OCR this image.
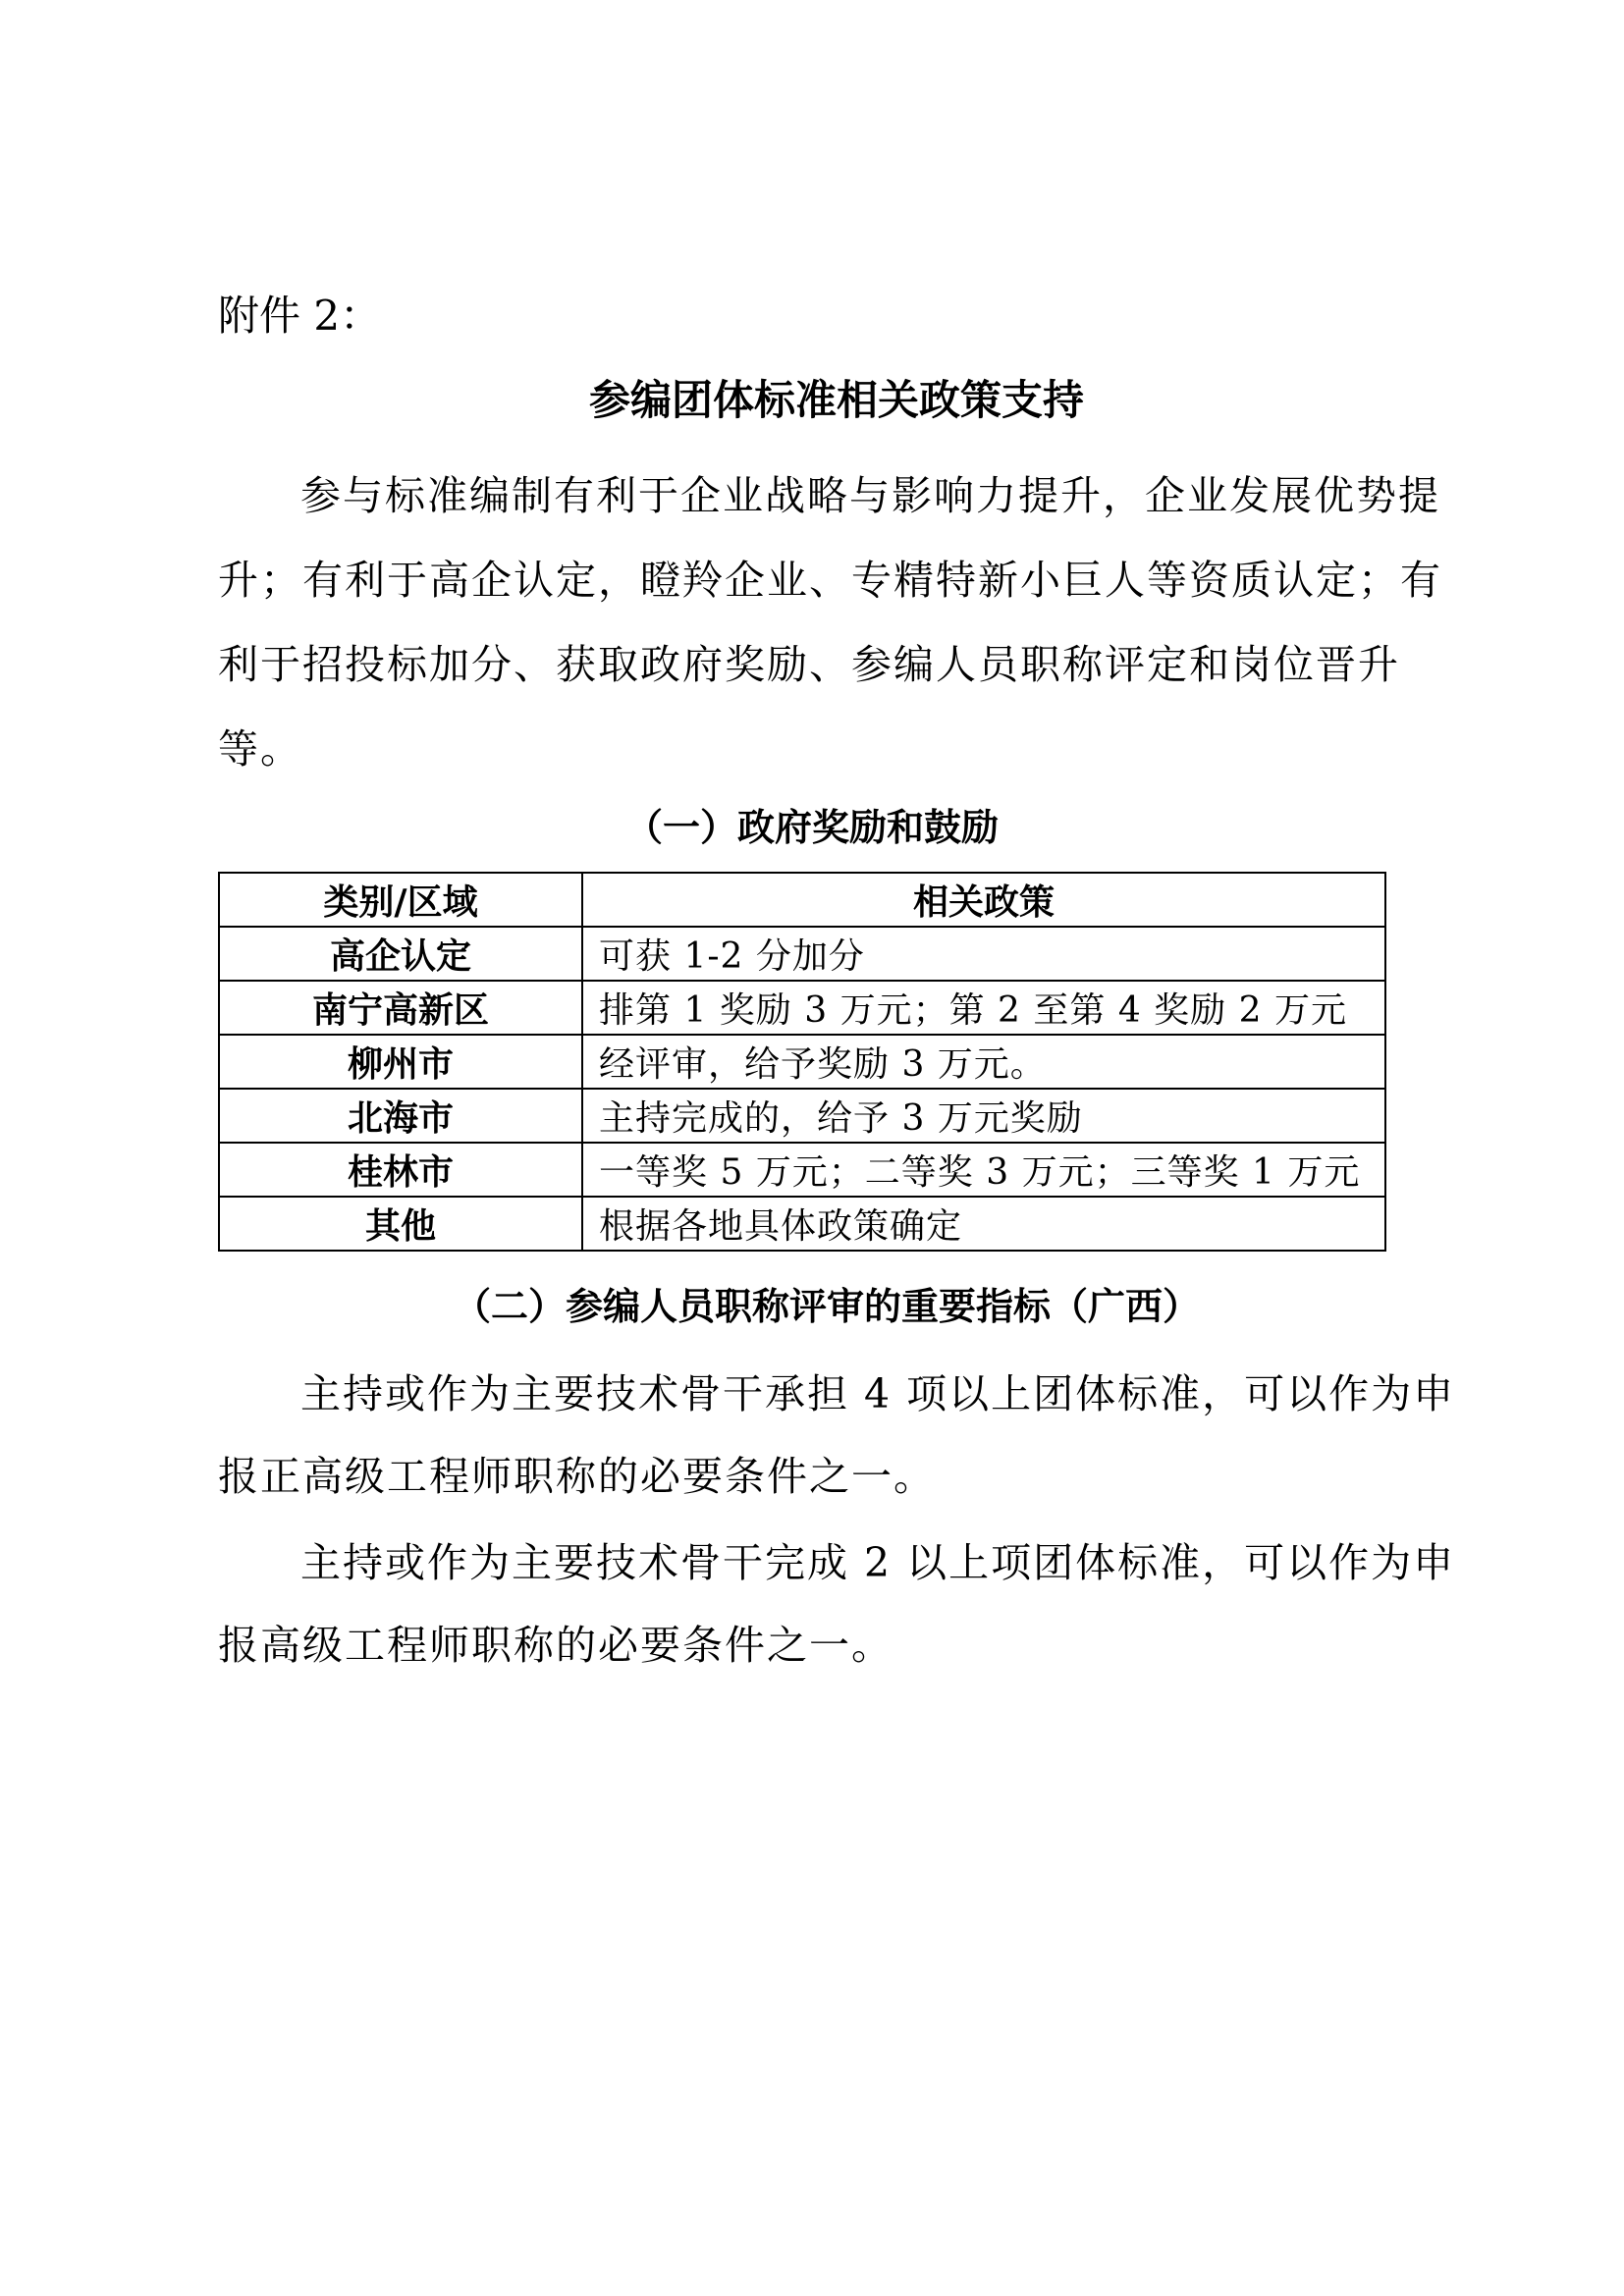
附件 2：
参编团体标准相关政策支持

参与标准编制有利于企业战略与影响力提升，企业发展优势提升；有利于高企认定，瞪羚企业、专精特新小巨人等资质认定；有利于招投标加分、获取政府奖励、参编人员职称评定和岗位晋升等。

（一）政府奖励和鼓励
类别/区域	相关政策
高企认定	可获 1-2 分加分
南宁高新区	排第 1 奖励 3 万元；第 2 至第 4 奖励 2 万元
柳州市	经评审，给予奖励 3 万元。
北海市	主持完成的，给予 3 万元奖励
桂林市	一等奖 5 万元；二等奖 3 万元；三等奖 1 万元
其他	根据各地具体政策确定
（二）参编人员职称评审的重要指标（广西）

主持或作为主要技术骨干承担 4 项以上团体标准，可以作为申报正高级工程师职称的必要条件之一。

主持或作为主要技术骨干完成 2 以上项团体标准，可以作为申报高级工程师职称的必要条件之一。
